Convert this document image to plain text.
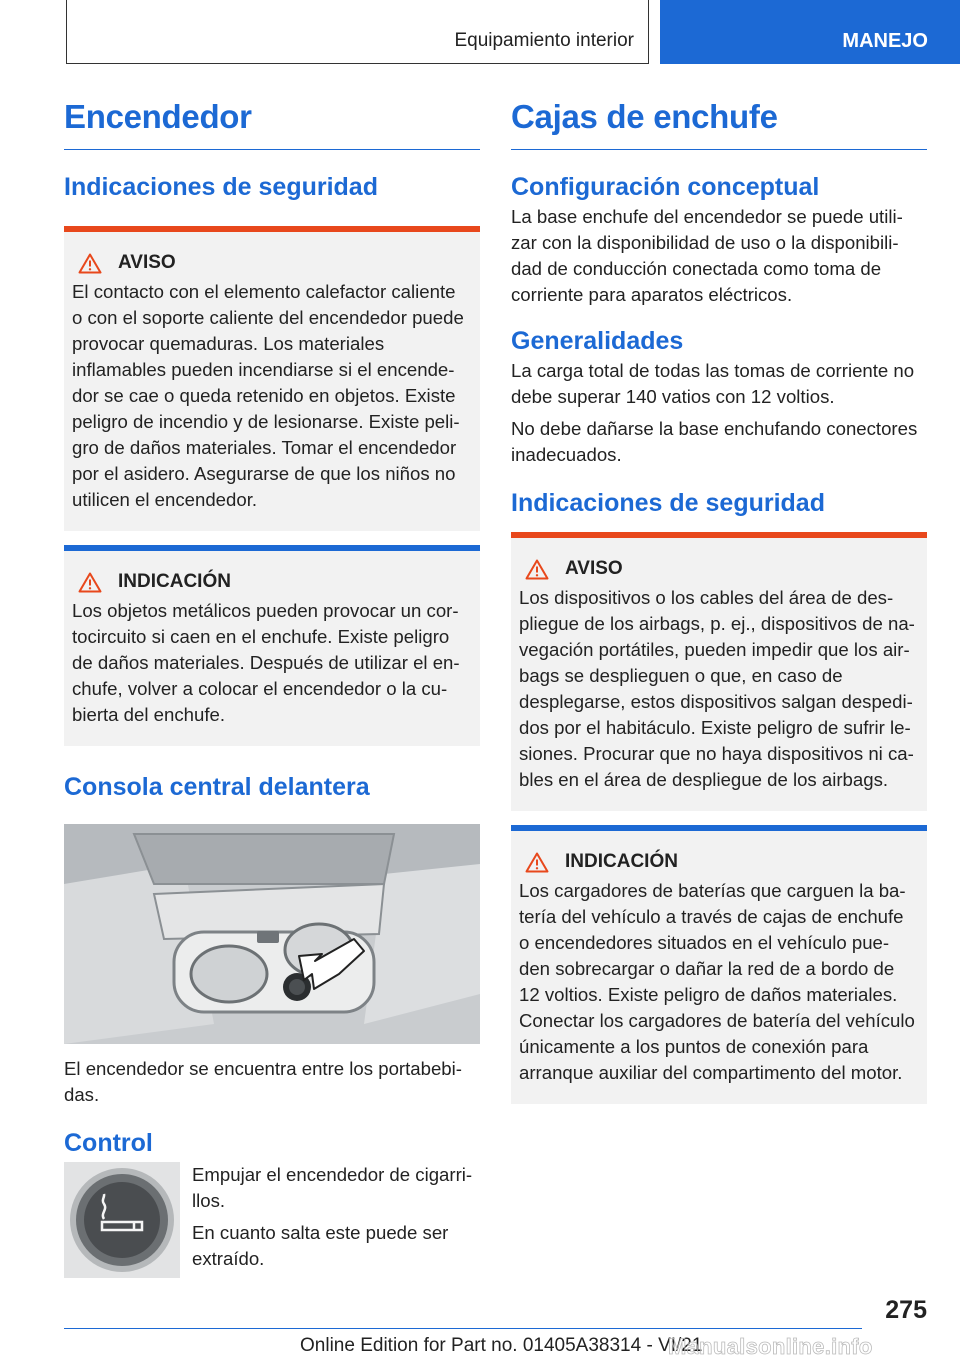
Equipamiento interior	MANEJO
Encendedor
Indicaciones de seguridad
AVISO

El contacto con el elemento calefactor caliente o con el soporte caliente del encendedor puede provocar quemaduras. Los materiales inflamables pueden incendiarse si el encende-dor se cae o queda retenido en objetos. Existe peligro de incendio y de lesionarse. Existe peli-gro de daños materiales. Tomar el encendedor por el asidero. Asegurarse de que los niños no utilicen el encendedor.

INDICACIÓN

Los objetos metálicos pueden provocar un cor-tocircuito si caen en el enchufe. Existe peligro de daños materiales. Después de utilizar el en-chufe, volver a colocar el encendedor o la cu-bierta del enchufe.

Consola central delantera

El encendedor se encuentra entre los portabebi-das.

Control

Empujar el encendedor de cigarri-llos.

En cuanto salta este puede ser extraído.

Cajas de enchufe
Configuración conceptual

La base enchufe del encendedor se puede utili-zar con la disponibilidad de uso o la disponibili-dad de conducción conectada como toma de corriente para aparatos eléctricos.

Generalidades

La carga total de todas las tomas de corriente no debe superar 140 vatios con 12 voltios.

No debe dañarse la base enchufando conectores inadecuados.

Indicaciones de seguridad
AVISO

Los dispositivos o los cables del área de des-pliegue de los airbags, p. ej., dispositivos de na-vegación portátiles, pueden impedir que los air-bags se desplieguen o que, en caso de desplegarse, estos dispositivos salgan despedi-dos por el habitáculo. Existe peligro de sufrir le-siones. Procurar que no haya dispositivos ni ca-bles en el área de despliegue de los airbags.

INDICACIÓN

Los cargadores de baterías que carguen la ba-tería del vehículo a través de cajas de enchufe o encendedores situados en el vehículo pue-den sobrecargar o dañar la red de a bordo de 12 voltios. Existe peligro de daños materiales. Conectar los cargadores de batería del vehículo únicamente a los puntos de conexión para arranque auxiliar del compartimento del motor.

275
Online Edition for Part no. 01405A38314 - VI/21
Manualsonline.info
